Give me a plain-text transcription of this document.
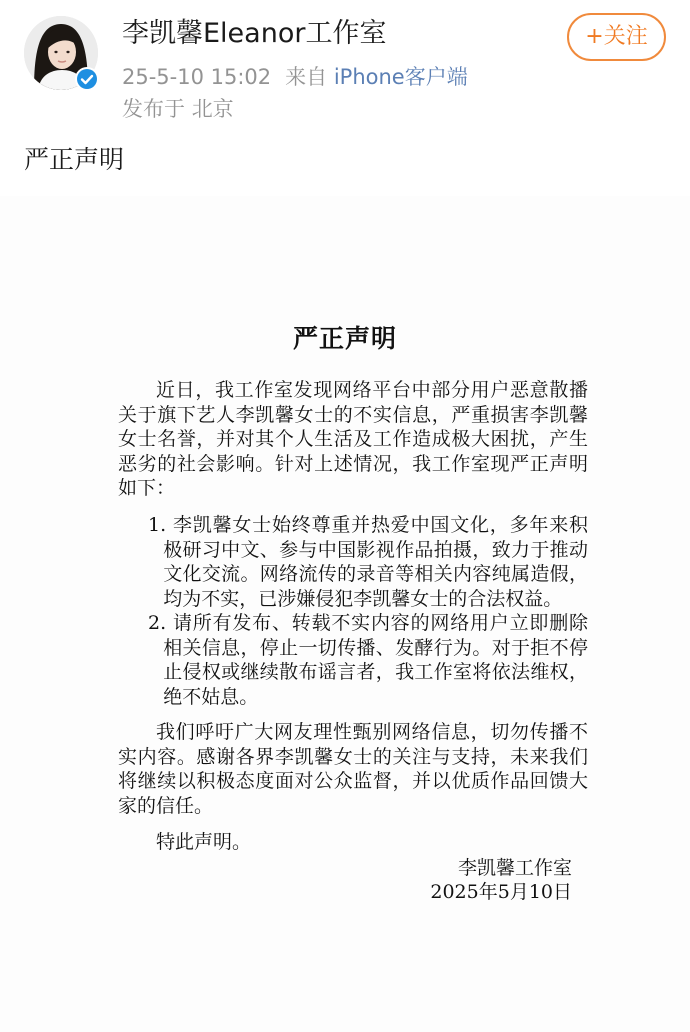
李凯馨Eleanor工作室
25-5-10 15:02 来自 iPhone客户端
发布于 北京
+关注
严正声明
严正声明

近日，我工作室发现网络平台中部分用户恶意散播关于旗下艺人李凯馨女士的不实信息，严重损害李凯馨女士名誉，并对其个人生活及工作造成极大困扰，产生恶劣的社会影响。针对上述情况，我工作室现严正声明如下：

1. 李凯馨女士始终尊重并热爱中国文化，多年来积极研习中文、参与中国影视作品拍摄，致力于推动文化交流。网络流传的录音等相关内容纯属造假，均为不实，已涉嫌侵犯李凯馨女士的合法权益。

2. 请所有发布、转载不实内容的网络用户立即删除相关信息，停止一切传播、发酵行为。对于拒不停止侵权或继续散布谣言者，我工作室将依法维权，绝不姑息。

我们呼吁广大网友理性甄别网络信息，切勿传播不实内容。感谢各界李凯馨女士的关注与支持，未来我们将继续以积极态度面对公众监督，并以优质作品回馈大家的信任。

特此声明。

李凯馨工作室
2025年5月10日
